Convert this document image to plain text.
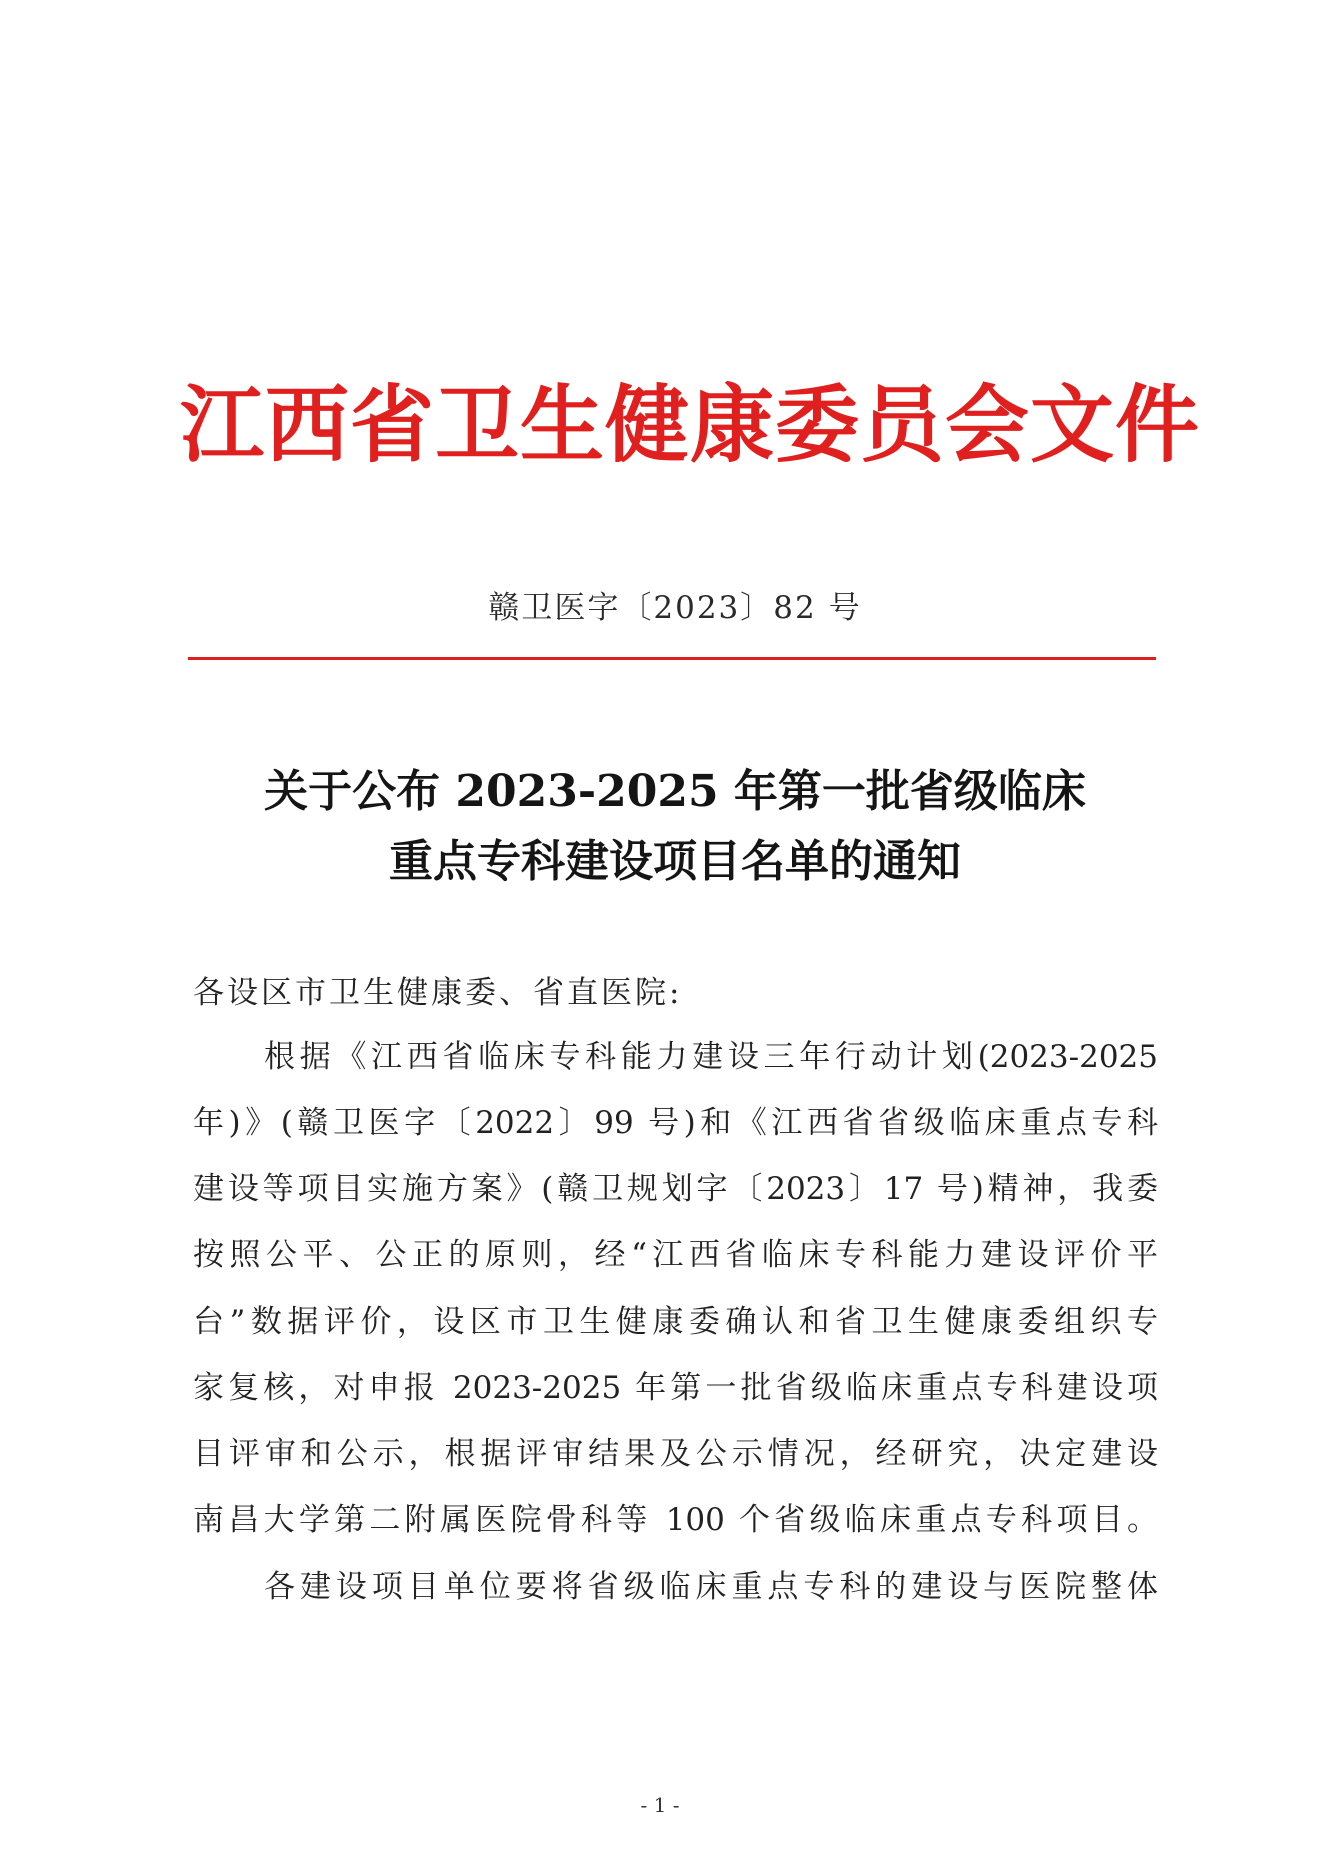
江西省卫生健康委员会文件
赣卫医字〔2023〕82 号
关于公布 2023-2025 年第一批省级临床
重点专科建设项目名单的通知
各设区市卫生健康委、省直医院:
根据《江西省临床专科能力建设三年行动计划(2023-2025
年)》(赣卫医字〔2022〕99 号)和《江西省省级临床重点专科
建设等项目实施方案》(赣卫规划字〔2023〕17 号)精神，我委
按照公平、公正的原则，经“江西省临床专科能力建设评价平
台”数据评价，设区市卫生健康委确认和省卫生健康委组织专
家复核，对申报 2023-2025 年第一批省级临床重点专科建设项
目评审和公示，根据评审结果及公示情况，经研究，决定建设
南昌大学第二附属医院骨科等 100 个省级临床重点专科项目。
各建设项目单位要将省级临床重点专科的建设与医院整体
- 1 -
